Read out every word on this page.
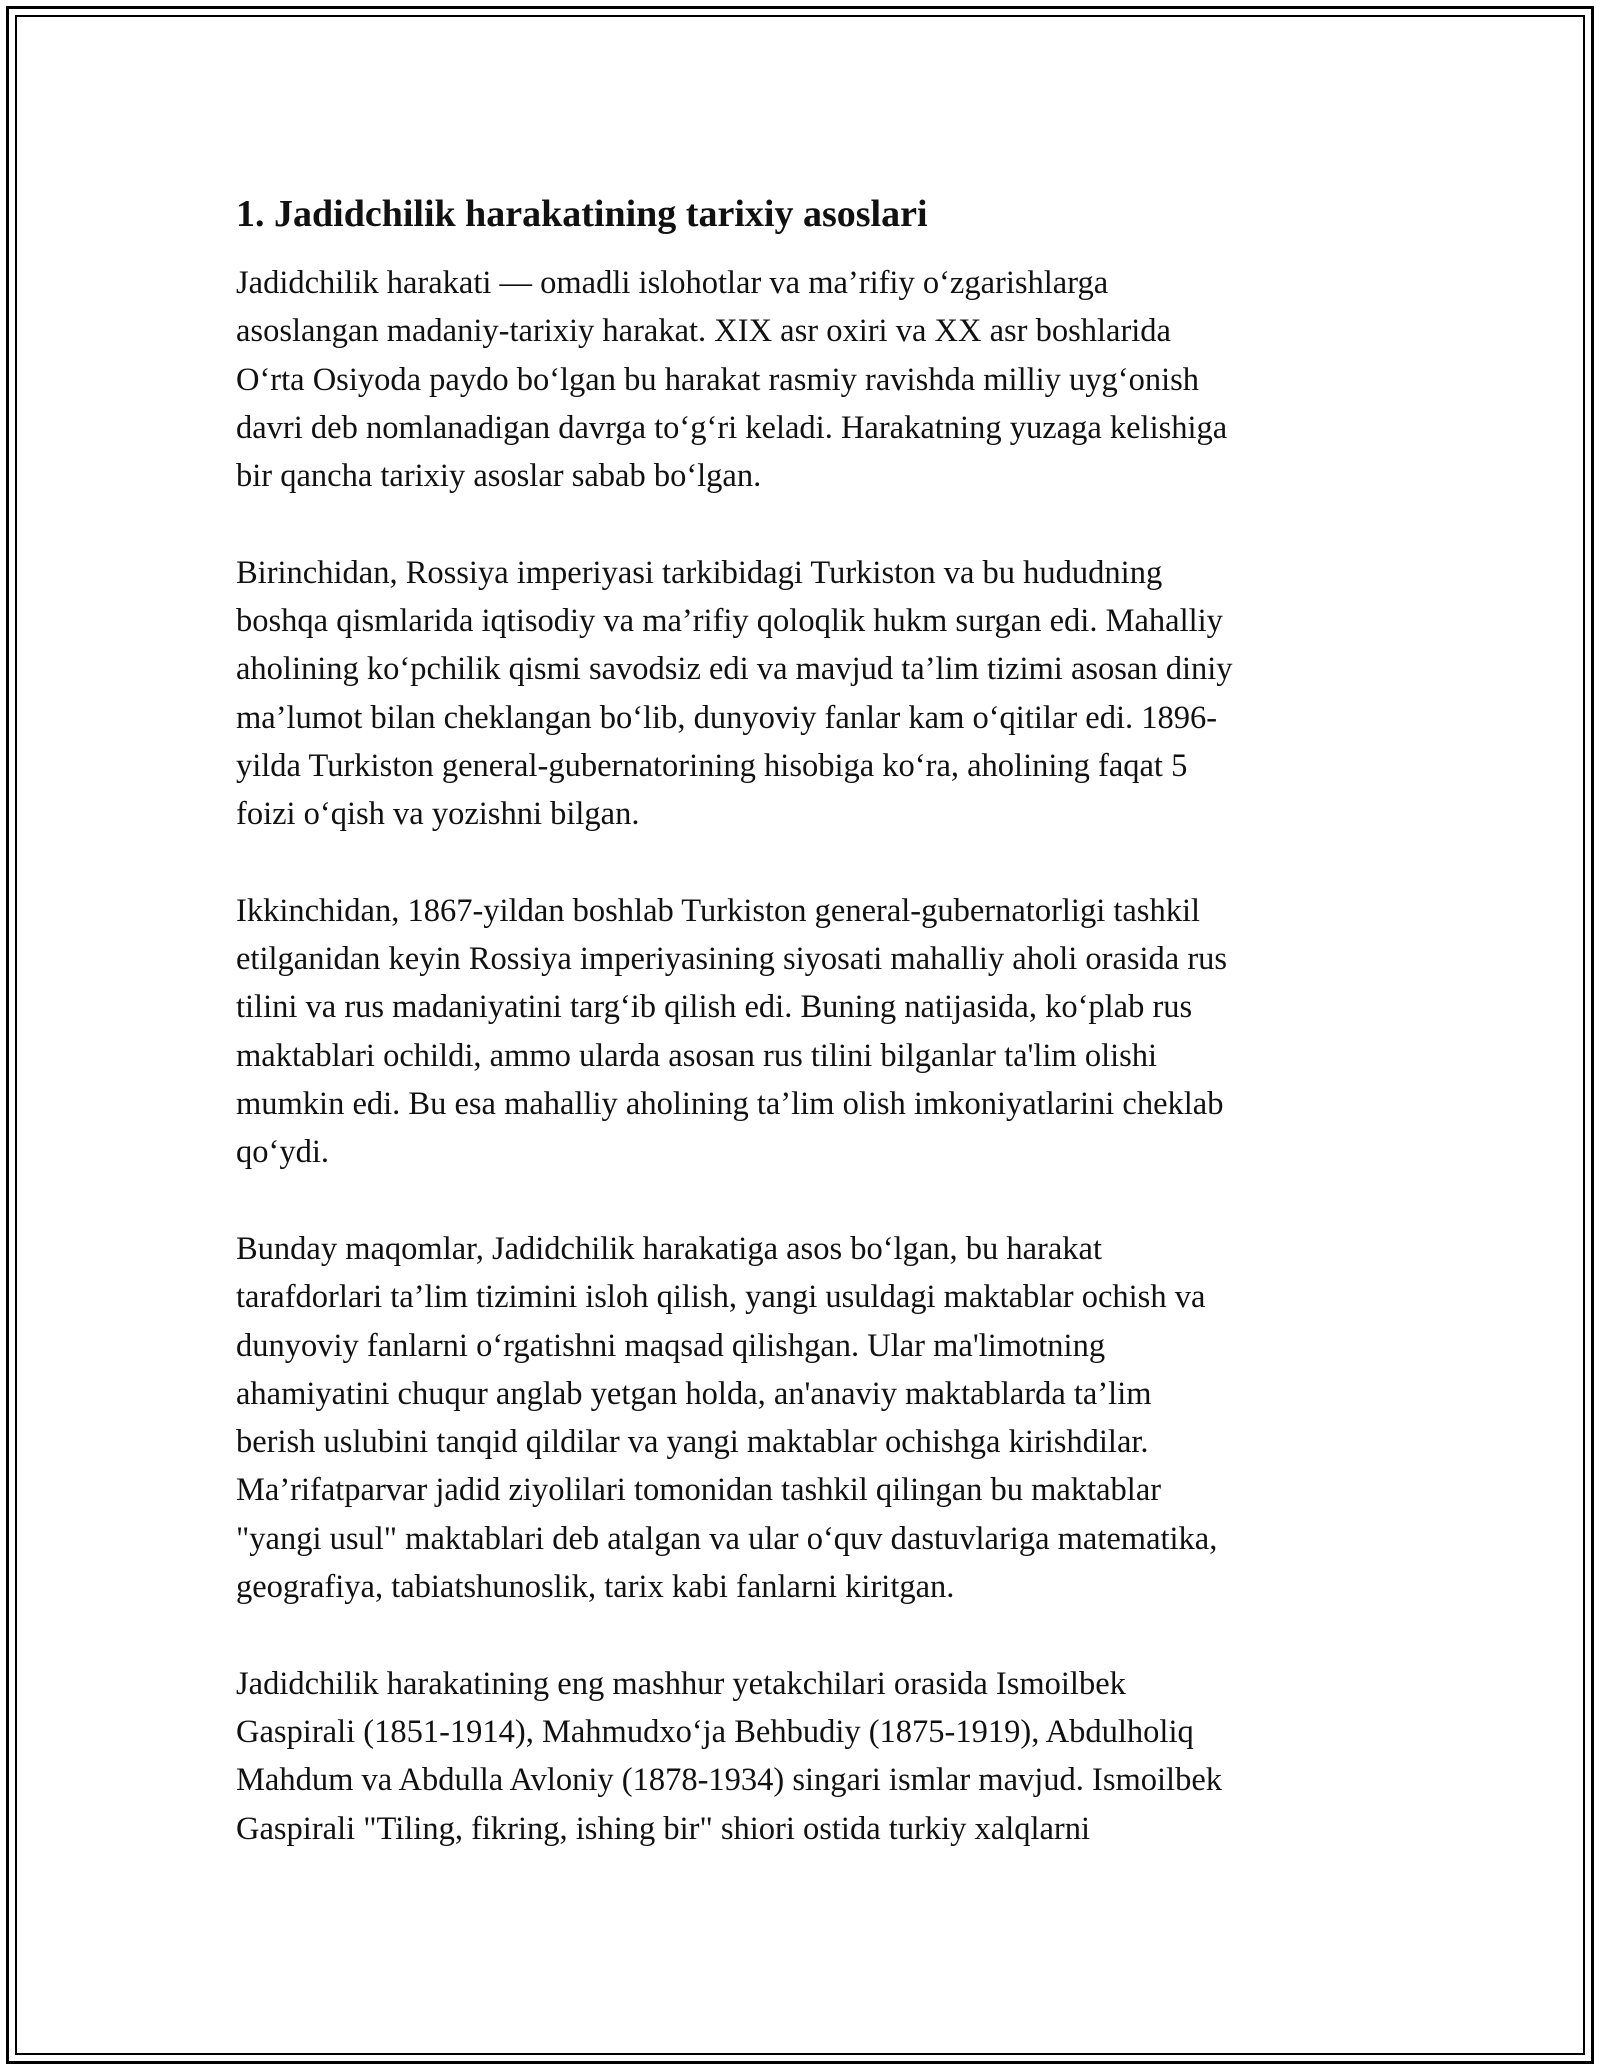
1. Jadidchilik harakatining tarixiy asoslari
Jadidchilik harakati — omadli islohotlar va ma’rifiy o‘zgarishlarga
asoslangan madaniy-tarixiy harakat. XIX asr oxiri va XX asr boshlarida
O‘rta Osiyoda paydo bo‘lgan bu harakat rasmiy ravishda milliy uyg‘onish
davri deb nomlanadigan davrga to‘g‘ri keladi. Harakatning yuzaga kelishiga
bir qancha tarixiy asoslar sabab bo‘lgan.
Birinchidan, Rossiya imperiyasi tarkibidagi Turkiston va bu hududning
boshqa qismlarida iqtisodiy va ma’rifiy qoloqlik hukm surgan edi. Mahalliy
aholining ko‘pchilik qismi savodsiz edi va mavjud ta’lim tizimi asosan diniy
ma’lumot bilan cheklangan bo‘lib, dunyoviy fanlar kam o‘qitilar edi. 1896-
yilda Turkiston general-gubernatorining hisobiga ko‘ra, aholining faqat 5
foizi o‘qish va yozishni bilgan.
Ikkinchidan, 1867-yildan boshlab Turkiston general-gubernatorligi tashkil
etilganidan keyin Rossiya imperiyasining siyosati mahalliy aholi orasida rus
tilini va rus madaniyatini targ‘ib qilish edi. Buning natijasida, ko‘plab rus
maktablari ochildi, ammo ularda asosan rus tilini bilganlar ta'lim olishi
mumkin edi. Bu esa mahalliy aholining ta’lim olish imkoniyatlarini cheklab
qo‘ydi.
Bunday maqomlar, Jadidchilik harakatiga asos bo‘lgan, bu harakat
tarafdorlari ta’lim tizimini isloh qilish, yangi usuldagi maktablar ochish va
dunyoviy fanlarni o‘rgatishni maqsad qilishgan. Ular ma'limotning
ahamiyatini chuqur anglab yetgan holda, an'anaviy maktablarda ta’lim
berish uslubini tanqid qildilar va yangi maktablar ochishga kirishdilar.
Ma’rifatparvar jadid ziyolilari tomonidan tashkil qilingan bu maktablar
"yangi usul" maktablari deb atalgan va ular o‘quv dastuvlariga matematika,
geografiya, tabiatshunoslik, tarix kabi fanlarni kiritgan.
Jadidchilik harakatining eng mashhur yetakchilari orasida Ismoilbek
Gaspirali (1851-1914), Mahmudxo‘ja Behbudiy (1875-1919), Abdulholiq
Mahdum va Abdulla Avloniy (1878-1934) singari ismlar mavjud. Ismoilbek
Gaspirali "Tiling, fikring, ishing bir" shiori ostida turkiy xalqlarni
